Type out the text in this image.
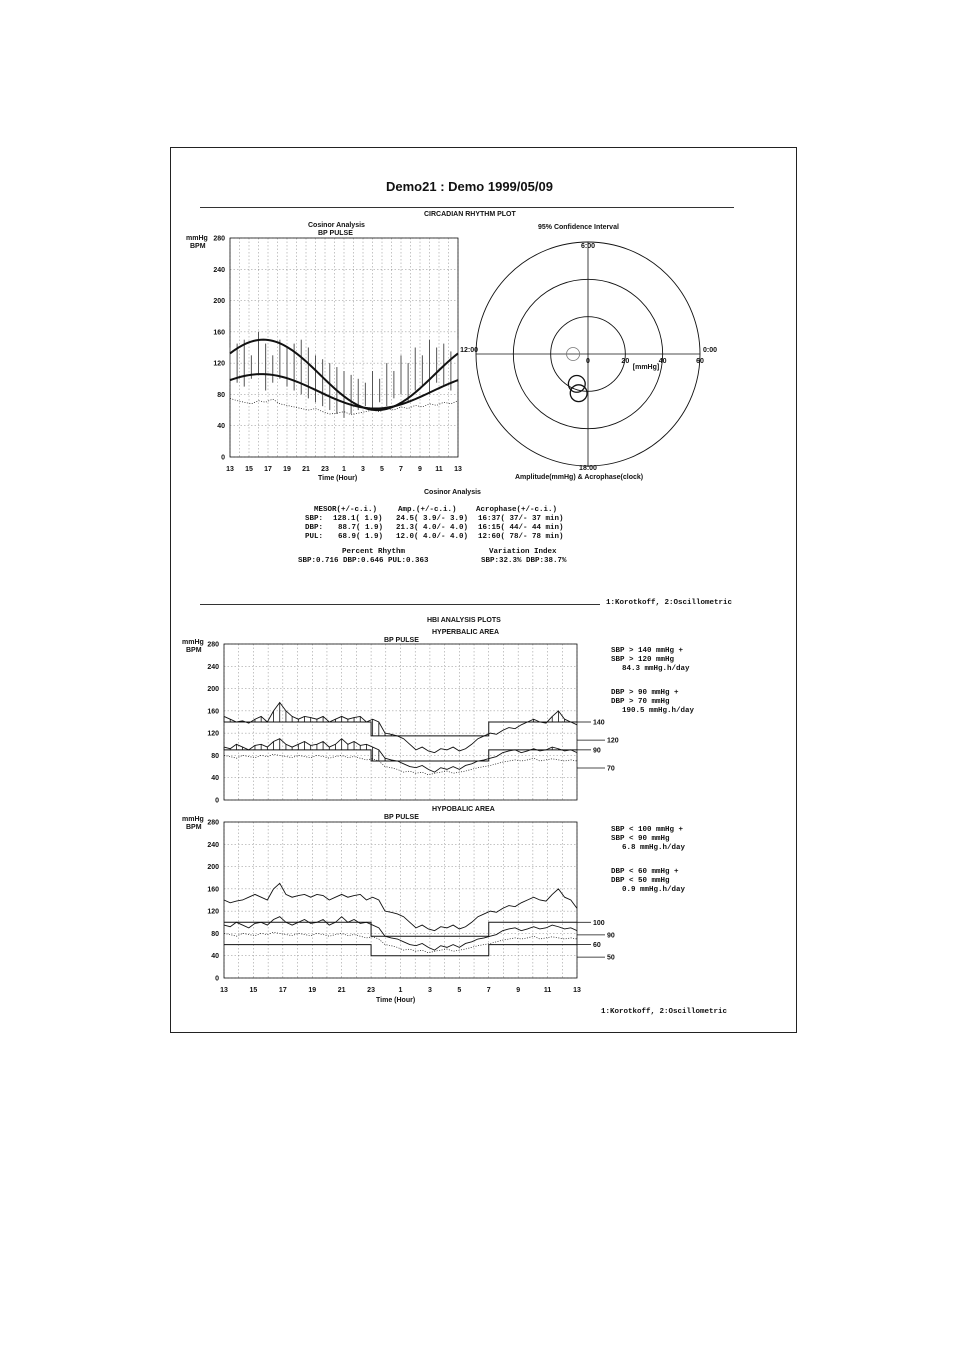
Demo21 : Demo 1999/05/09
CIRCADIAN RHYTHM PLOT
Cosinor Analysis
BP PULSE
mmHg
BPM
0
40
80
120
160
200
240
280
13 15 17 19 21 23 1 3 5 7 9 11 13
Time (Hour)
95% Confidence Interval
0	20	40	60
[mmHg]
6:00
0:00
18:00
12:00
Amplitude(mmHg) & Acrophase(clock)
Cosinor Analysis
MESOR(+/-c.i.)	Amp.(+/-c.i.)	Acrophase(+/-c.i.)
SBP: 128.1( 1.9) 24.5( 3.9/- 3.9) 16:37( 37/- 37 min)
DBP: 88.7( 1.9) 21.3( 4.0/- 4.0) 16:15( 44/- 44 min)
PUL: 68.9( 1.9) 12.0( 4.0/- 4.0) 12:60( 78/- 78 min)
Percent Rhythm
SBP:0.716 DBP:0.646 PUL:0.363
Variation Index
SBP:32.3% DBP:38.7%
1:Korotkoff, 2:Oscillometric
HBI ANALYSIS PLOTS
HYPERBALIC AREA
BP PULSE
mmHg
BPM
0
40
80
120
160
200
240
280
140
120
90
70
SBP > 140 mmHg +
SBP > 120 mmHg
84.3 mmHg.h/day
DBP > 90 mmHg +
DBP > 70 mmHg
190.5 mmHg.h/day
HYPOBALIC AREA
BP PULSE
mmHg
BPM
0
40
80
120
160
200
240
280
13	15	17	19	21	23	1	3	5	7	9	11	13
100
90
60
50
Time (Hour)
SBP < 100 mmHg +
SBP < 90 mmHg
6.8 mmHg.h/day
DBP < 60 mmHg +
DBP < 50 mmHg
0.9 mmHg.h/day
1:Korotkoff, 2:Oscillometric
